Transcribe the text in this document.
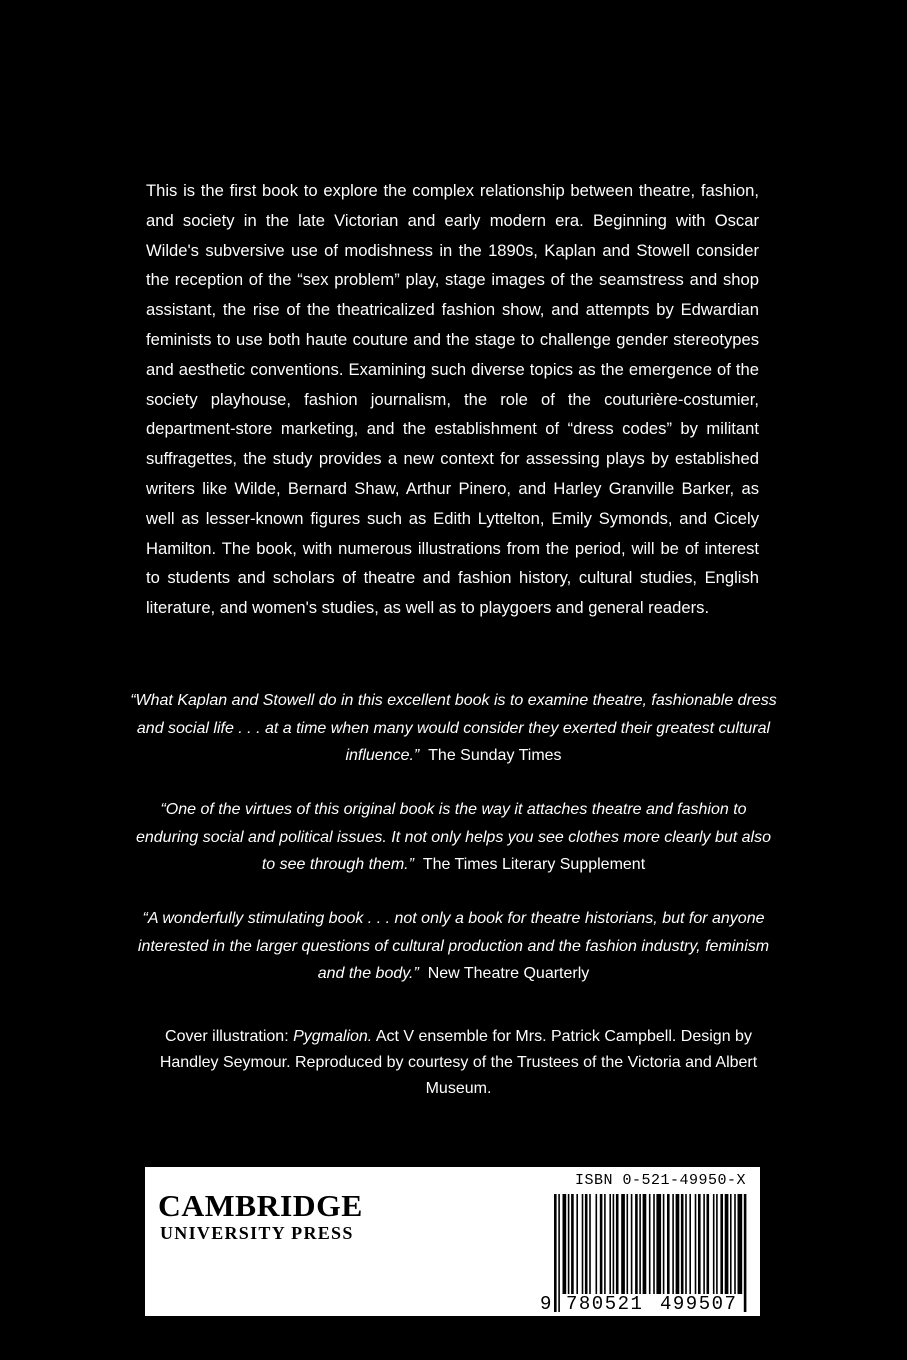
This is the first book to explore the complex relationship between theatre, fashion, and society in the late Victorian and early modern era. Beginning with Oscar Wilde's subversive use of modishness in the 1890s, Kaplan and Stowell consider the reception of the “sex problem” play, stage images of the seamstress and shop assistant, the rise of the theatricalized fashion show, and attempts by Edwardian feminists to use both haute couture and the stage to challenge gender stereotypes and aesthetic conventions. Examining such diverse topics as the emergence of the society playhouse, fashion journalism, the role of the couturière-costumier, department-store marketing, and the establishment of “dress codes” by militant suffragettes, the study provides a new context for assessing plays by established writers like Wilde, Bernard Shaw, Arthur Pinero, and Harley Granville Barker, as well as lesser-known figures such as Edith Lyttelton, Emily Symonds, and Cicely Hamilton. The book, with numerous illustrations from the period, will be of interest to students and scholars of theatre and fashion history, cultural studies, English literature, and women's studies, as well as to playgoers and general readers.

“What Kaplan and Stowell do in this excellent book is to examine theatre, fashionable dress and social life . . . at a time when many would consider they exerted their greatest cultural influence.” The Sunday Times

“One of the virtues of this original book is the way it attaches theatre and fashion to enduring social and political issues. It not only helps you see clothes more clearly but also to see through them.” The Times Literary Supplement

“A wonderfully stimulating book . . . not only a book for theatre historians, but for anyone interested in the larger questions of cultural production and the fashion industry, feminism and the body.” New Theatre Quarterly

Cover illustration: Pygmalion. Act V ensemble for Mrs. Patrick Campbell. Design by Handley Seymour. Reproduced by courtesy of the Trustees of the Victoria and Albert Museum.

CAMBRIDGE
UNIVERSITY PRESS
ISBN 0-521-49950-X
9 780521 499507
